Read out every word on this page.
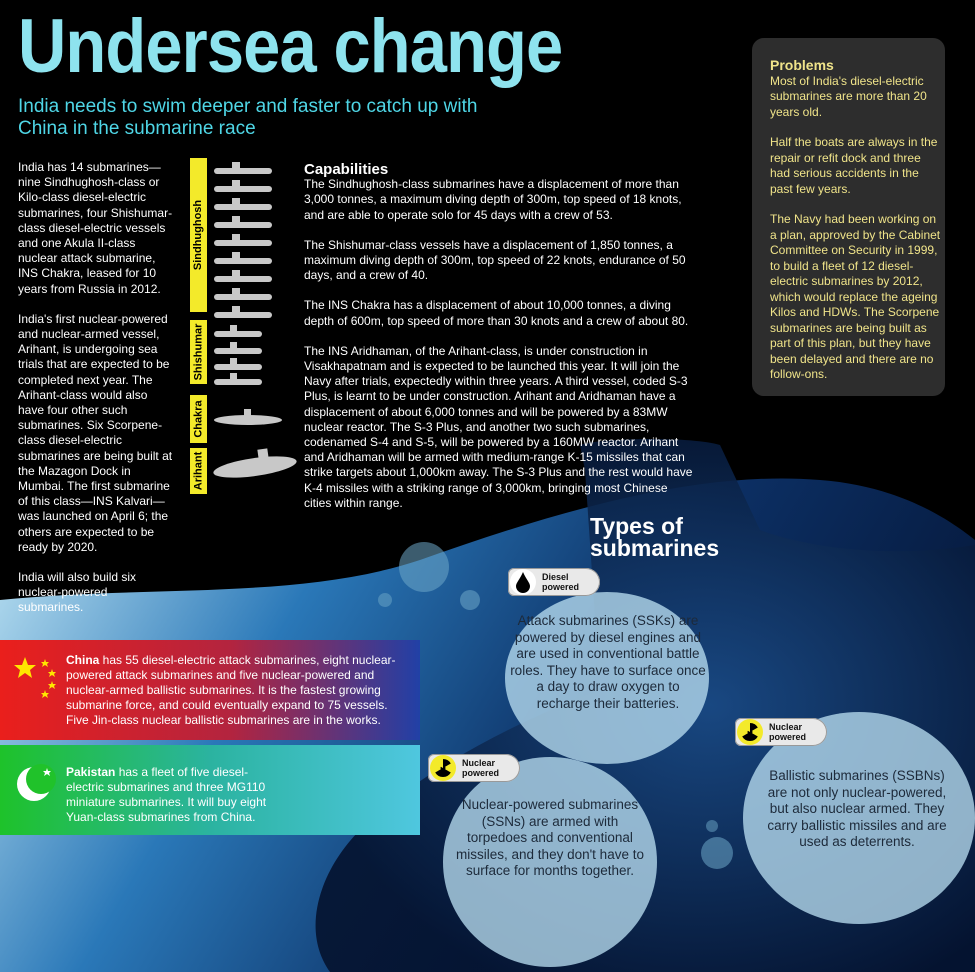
Undersea change
India needs to swim deeper and faster to catch up with China in the submarine race

India has 14 submarines—nine Sindhughosh-class or Kilo-class diesel-electric submarines, four Shishumar-class diesel-electric vessels and one Akula II-class nuclear attack submarine, INS Chakra, leased for 10 years from Russia in 2012.

India's first nuclear-powered and nuclear-armed vessel, Arihant, is undergoing sea trials that are expected to be completed next year. The Arihant-class would also have four other such submarines. Six Scorpene-class diesel-electric submarines are being built at the Mazagon Dock in Mumbai. The first submarine of this class—INS Kalvari—was launched on April 6; the others are expected to be ready by 2020.

India will also build six nuclear-powered submarines.

Sindhughosh
Shishumar
Chakra
Arihant
Capabilities

The Sindhughosh-class submarines have a displacement of more than 3,000 tonnes, a maximum diving depth of 300m, top speed of 18 knots, and are able to operate solo for 45 days with a crew of 53.

The Shishumar-class vessels have a displacement of 1,850 tonnes, a maximum diving depth of 300m, top speed of 22 knots, endurance of 50 days, and a crew of 40.

The INS Chakra has a displacement of about 10,000 tonnes, a diving depth of 600m, top speed of more than 30 knots and a crew of about 80.

The INS Aridhaman, of the Arihant-class, is under construction in Visakhapatnam and is expected to be launched this year. It will join the Navy after trials, expectedly within three years. A third vessel, coded S-3 Plus, is learnt to be under construction. Arihant and Aridhaman have a displacement of about 6,000 tonnes and will be powered by a 83MW nuclear reactor. The S-3 Plus, and another two such submarines, codenamed S-4 and S-5, will be powered by a 160MW reactor. Arihant and Aridhaman will be armed with medium-range K-15 missiles that can strike targets about 1,000km away. The S-3 Plus and the rest would have K-4 missiles with a striking range of 3,000km, bringing most Chinese cities within range.

Problems

Most of India's diesel-electric submarines are more than 20 years old.

Half the boats are always in the repair or refit dock and three had serious accidents in the past few years.

The Navy had been working on a plan, approved by the Cabinet Committee on Security in 1999, to build a fleet of 12 diesel-electric submarines by 2012, which would replace the ageing Kilos and HDWs. The Scorpene submarines are being built as part of this plan, but they have been delayed and there are no follow-ons.

China has 55 diesel-electric attack submarines, eight nuclear-powered attack submarines and five nuclear-powered and nuclear-armed ballistic submarines. It is the fastest growing submarine force, and could eventually expand to 75 vessels. Five Jin-class nuclear ballistic submarines are in the works.
Pakistan has a fleet of five diesel-electric submarines and three MG110 miniature submarines. It will buy eight Yuan-class submarines from China.
Types of
submarines
Attack submarines (SSKs) are powered by diesel engines and are used in conventional battle roles. They have to surface once a day to draw oxygen to recharge their batteries.
Nuclear-powered submarines (SSNs) are armed with torpedoes and conventional missiles, and they don't have to surface for months together.
Ballistic submarines (SSBNs) are not only nuclear-powered, but also nuclear armed. They carry ballistic missiles and are used as deterrents.
Diesel
powered
Nuclear
powered
Nuclear
powered
